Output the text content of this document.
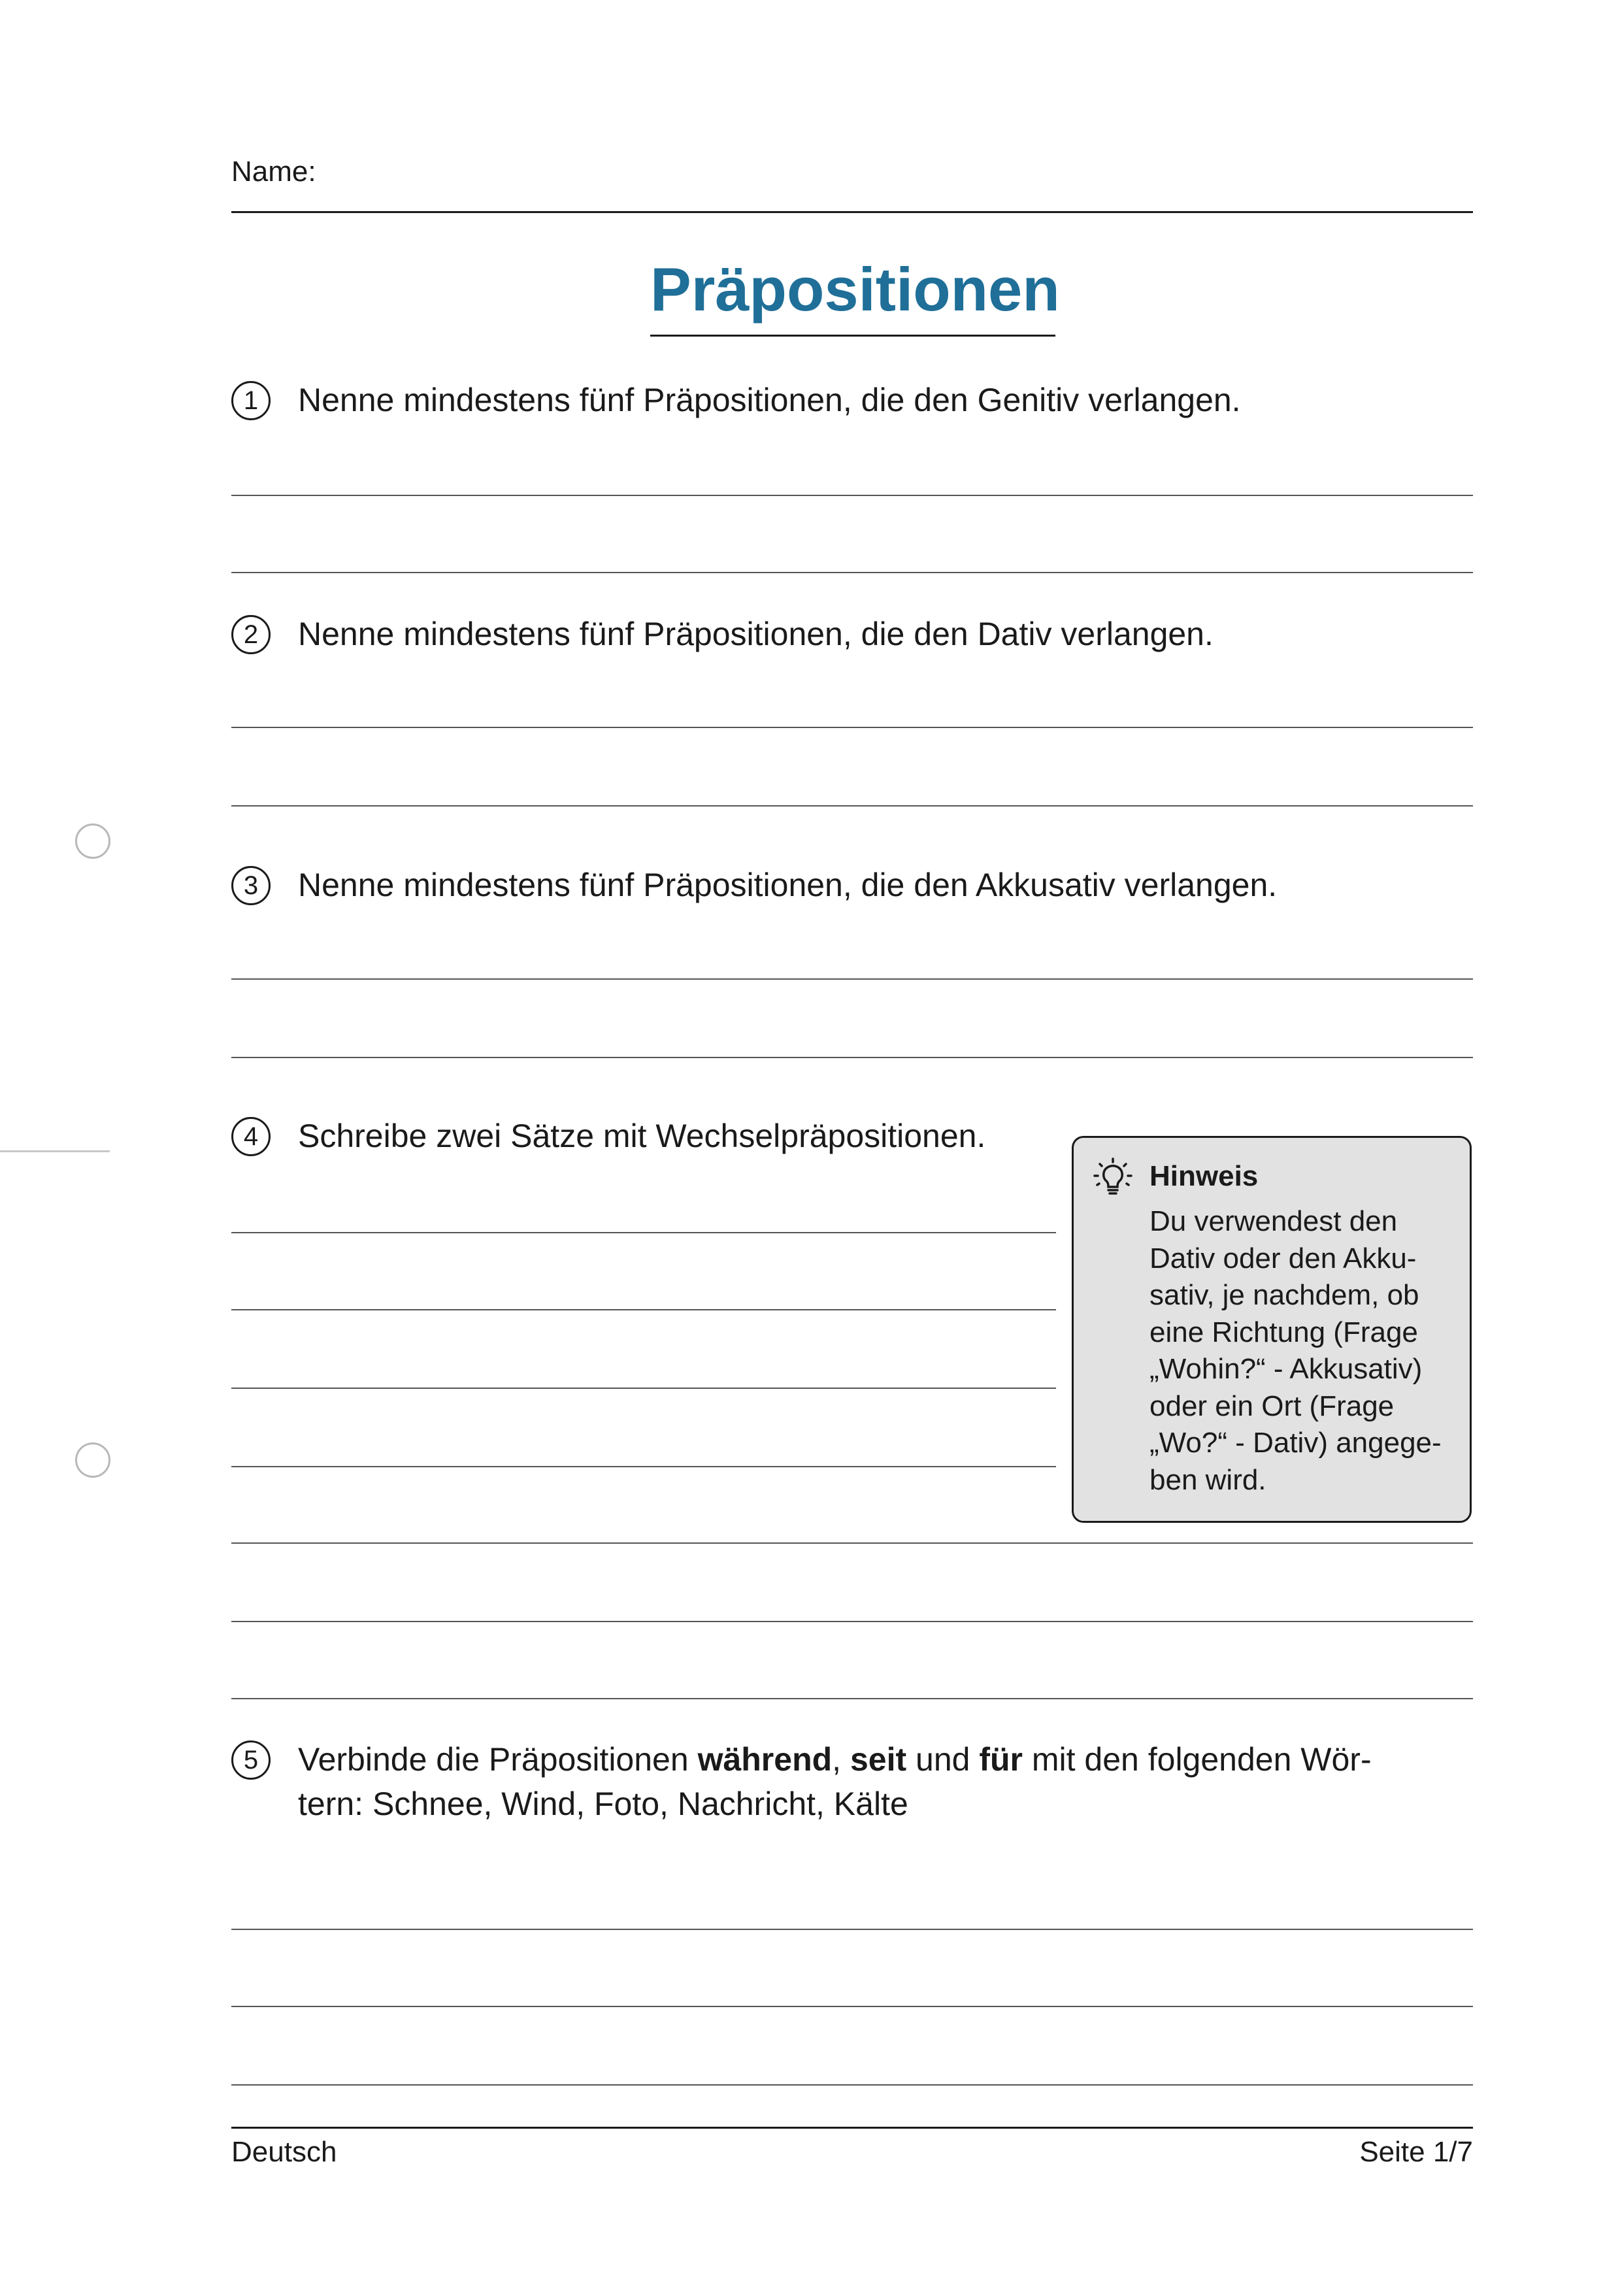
Name:
Präpositionen
1	Nenne mindestens fünf Präpositionen, die den Genitiv verlangen.
2	Nenne mindestens fünf Präpositionen, die den Dativ verlangen.
3	Nenne mindestens fünf Präpositionen, die den Akkusativ verlangen.
4	Schreibe zwei Sätze mit Wechselpräpositionen.
Hinweis
Du verwendest den
Dativ oder den Akku-
sativ, je nachdem, ob
eine Richtung (Frage
„Wohin?“ - Akkusativ)
oder ein Ort (Frage
„Wo?“ - Dativ) angege-
ben wird.
5	Verbinde die Präpositionen während, seit und für mit den folgenden Wör-
tern: Schnee, Wind, Foto, Nachricht, Kälte
Deutsch	Seite 1/7
